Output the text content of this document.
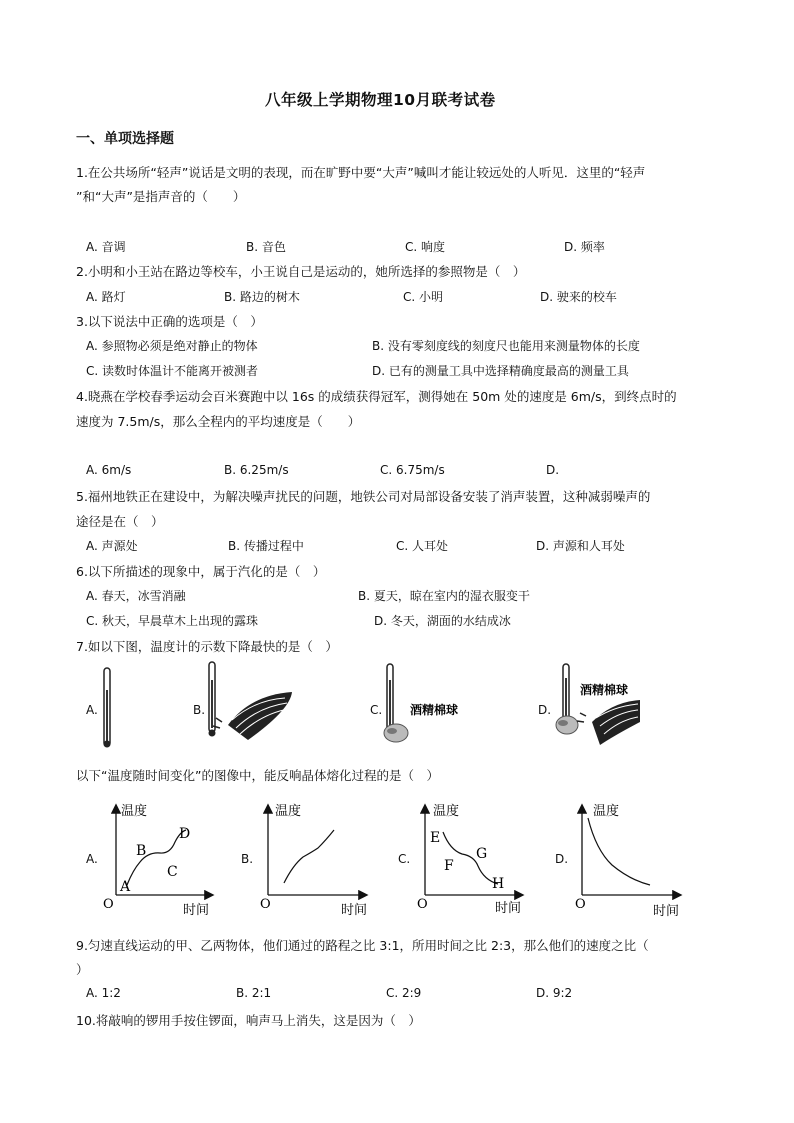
八年级上学期物理10月联考试卷
一、单项选择题
1.在公共场所“轻声”说话是文明的表现，而在旷野中要“大声”喊叫才能让较远处的人听见．这里的“轻声
”和“大声”是指声音的（　　）
A. 音调	B. 音色	C. 响度	D. 频率
2.小明和小王站在路边等校车，小王说自己是运动的，她所选择的参照物是（　）
A. 路灯	B. 路边的树木	C. 小明	D. 驶来的校车
3.以下说法中正确的选项是（　）
A. 参照物必须是绝对静止的物体	B. 没有零刻度线的刻度尺也能用来测量物体的长度
C. 读数时体温计不能离开被测者	D. 已有的测量工具中选择精确度最高的测量工具
4.晓燕在学校春季运动会百米赛跑中以 16s 的成绩获得冠军，测得她在 50m 处的速度是 6m/s，到终点时的
速度为 7.5m/s，那么全程内的平均速度是（　　）
A. 6m/s	B. 6.25m/s	C. 6.75m/s	D.
5.福州地铁正在建设中，为解决噪声扰民的问题，地铁公司对局部设备安装了消声装置，这种减弱噪声的
途径是在（　）
A. 声源处	B. 传播过程中	C. 人耳处	D. 声源和人耳处
6.以下所描述的现象中，属于汽化的是（　）
A. 春天，冰雪消融	B. 夏天，晾在室内的湿衣服变干
C. 秋天，早晨草木上出现的露珠	D. 冬天，湖面的水结成冰
7.如以下图，温度计的示数下降最快的是（　）
A.	B.	C.	D.
酒精棉球
酒精棉球
以下“温度随时间变化”的图像中，能反响晶体熔化过程的是（　）
A.	B.	C.	D.
温度
时间
O
A
B
C
D
温度
时间
O
温度
时间
O
E
F
G
H
温度
时间
O
9.匀速直线运动的甲、乙两物体，他们通过的路程之比 3:1，所用时间之比 2:3，那么他们的速度之比（
）
A. 1:2	B. 2:1	C. 2:9	D. 9:2
10.将敲响的锣用手按住锣面，响声马上消失，这是因为（　）
